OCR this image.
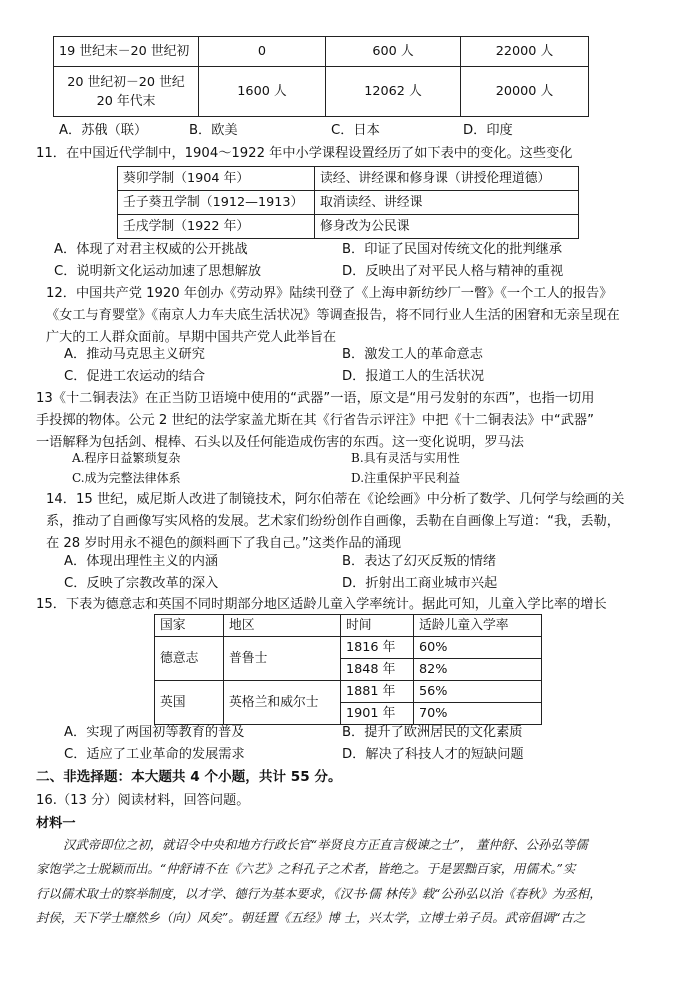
19 世纪末－20 世纪初	0	600 人	22000 人
20 世纪初－20 世纪 20 年代末	1600 人	12062 人	20000 人
A．苏俄（联）	B．欧美	C．日本	D．印度
11．在中国近代学制中，1904～1922 年中小学课程设置经历了如下表中的变化。这些变化
葵卯学制（1904 年）	读经、讲经课和修身课（讲授伦理道德）
壬子葵丑学制（1912—1913）	取消读经、讲经课
壬戌学制（1922 年）	修身改为公民课
A．体现了对君主权威的公开挑战	B．印证了民国对传统文化的批判继承
C．说明新文化运动加速了思想解放	D．反映出了对平民人格与精神的重视
12．中国共产党 1920 年创办《劳动界》陆续刊登了《上海申新纺纱厂一瞥》《一个工人的报告》
《女工与育婴堂》《南京人力车夫底生活状况》等调查报告，将不同行业人生活的困窘和无亲呈现在
广大的工人群众面前。早期中国共产党人此举旨在
A．推动马克思主义研究	B．激发工人的革命意志
C．促进工农运动的结合	D．报道工人的生活状况
13《十二铜表法》在正当防卫语境中使用的“武器”一语，原文是“用弓发射的东西”，也指一切用
手投掷的物体。公元 2 世纪的法学家盖尤斯在其《行省告示评注》中把《十二铜表法》中“武器”
一语解释为包括剑、棍棒、石头以及任何能造成伤害的东西。这一变化说明，罗马法
A.程序日益繁琐复杂	B.具有灵活与实用性
C.成为完整法律体系	D.注重保护平民利益
14．15 世纪，威尼斯人改进了制镜技术，阿尔伯蒂在《论绘画》中分析了数学、几何学与绘画的关
系，推动了自画像写实风格的发展。艺术家们纷纷创作自画像，丢勒在自画像上写道：“我，丢勒，
在 28 岁时用永不褪色的颜料画下了我自己。”这类作品的涌现
A．体现出理性主义的内涵	B．表达了幻灭反叛的情绪
C．反映了宗教改革的深入	D．折射出工商业城市兴起
15．下表为德意志和英国不同时期部分地区适龄儿童入学率统计。据此可知，儿童入学比率的增长
国家	地区	时间	适龄儿童入学率
德意志	普鲁士	1816 年	60%
		1848 年	82%
英国	英格兰和威尔士	1881 年	56%
		1901 年	70%
A．实现了两国初等教育的普及	B．提升了欧洲居民的文化素质
C．适应了工业革命的发展需求	D．解决了科技人才的短缺问题
二、非选择题：本大题共 4 个小题，共计 55 分。
16.（13 分）阅读材料，回答问题。
材料一
汉武帝即位之初，就诏令中央和地方行政长官“举贤良方正直言极谏之士”， 董仲舒、公孙弘等儒
家饱学之士脱颖而出。“仲舒请不在《六艺》之科孔子之术者，皆绝之。于是罢黜百家，用儒术。”实
行以儒术取士的察举制度，以才学、德行为基本要求，《汉书·儒 林传》载“公孙弘以治《春秋》为丞相，
封侯，天下学士靡然乡（向）风矣”。朝廷置《五经》博 士，兴太学，立博士弟子员。武帝倡调“古之
